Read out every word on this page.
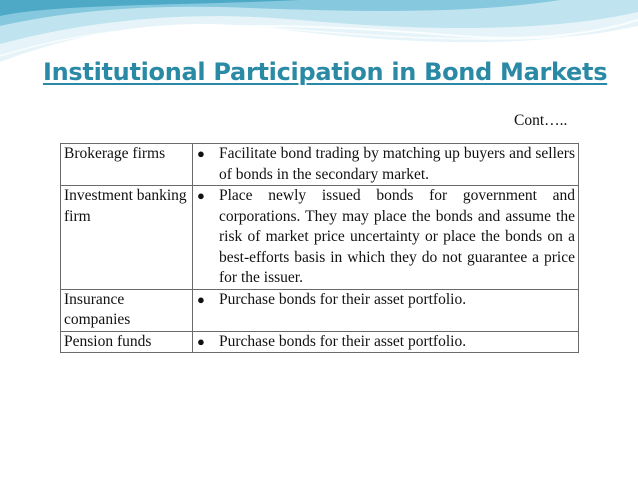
Institutional Participation in Bond Markets
Cont…..
Brokerage firms	● Facilitate bond trading by matching up buyers and sellers of bonds in the secondary market.

Investment banking firm	● Place newly issued bonds for government and corporations. They may place the bonds and assume the risk of market price uncertainty or place the bonds on a best-efforts basis in which they do not guarantee a price for the issuer.

Insurance companies	● Purchase bonds for their asset portfolio.

Pension funds	● Purchase bonds for their asset portfolio.
